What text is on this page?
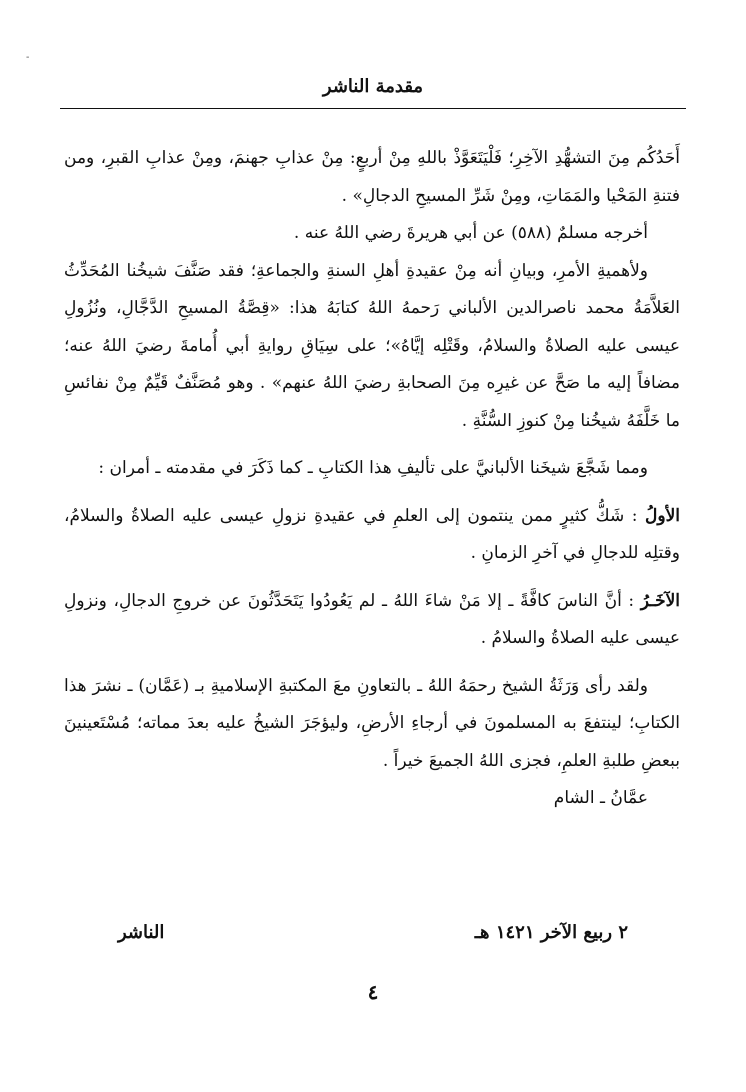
-
مقدمة الناشر

أَحَدُكُم مِنَ التشهُّدِ الآخِرِ؛ فَلْيَتَعَوَّذْ باللهِ مِنْ أربعٍ: مِنْ عذابِ جهنمَ، ومِنْ عذابِ القبرِ، ومن فتنةِ المَحْيا والمَمَاتِ، ومِنْ شَرِّ المسيحِ الدجالِ» .

أخرجه مسلمٌ (٥٨٨) عن أبي هريرةَ رضي اللهُ عنه .

ولأهميةِ الأمرِ، وبيانِ أنه مِنْ عقيدةِ أهلِ السنةِ والجماعةِ؛ فقد صَنَّفَ شيخُنا المُحَدِّثُ العَلاَّمَةُ محمد ناصرالدين الألباني رَحمهُ اللهُ كتابَهُ هذا: «قِصَّةُ المسيحِ الدَّجَّالِ، ونُزُولِ عيسى عليه الصلاةُ والسلامُ، وقَتْلِه إيَّاهُ»؛ على سِيَاقِ روايةِ أبي أُمامةَ رضيَ اللهُ عنه؛ مضافاً إليه ما صَحَّ عن غيرِه مِنَ الصحابةِ رضيَ اللهُ عنهم» . وهو مُصَنَّفٌ قَيِّمٌ مِنْ نفائسِ ما خَلَّفَهُ شيخُنا مِنْ كنوزِ السُّنَّةِ .

ومما شَجَّعَ شيخَنا الألبانيَّ على تأليفِ هذا الكتابِ ـ كما ذَكَرَ في مقدمته ـ أمران :

الأولُ : شَكُّ كثيرٍ ممن ينتمون إلى العلمِ في عقيدةِ نزولِ عيسى عليه الصلاةُ والسلامُ، وقتلِه للدجالِ في آخرِ الزمانِ .

الآخَـرُ : أنَّ الناسَ كافَّةً ـ إلا مَنْ شاءَ اللهُ ـ لم يَعُودُوا يَتَحَدَّثُونَ عن خروجِ الدجالِ، ونزولِ عيسى عليه الصلاةُ والسلامُ .

ولقد رأى وَرَثَةُ الشيخ رحمَهُ اللهُ ـ بالتعاونِ معَ المكتبةِ الإسلاميةِ بـ (عَمَّان) ـ نشرَ هذا الكتابِ؛ لينتفعَ به المسلمونَ في أرجاءِ الأرضِ، وليؤجَرَ الشيخُ عليه بعدَ مماته؛ مُسْتَعينينَ ببعضِ طلبةِ العلمِ، فجزى اللهُ الجميعَ خيراً .

عمَّانُ ـ الشام

٢ ربيع الآخر ١٤٢١ هـ
الناشر
٤
